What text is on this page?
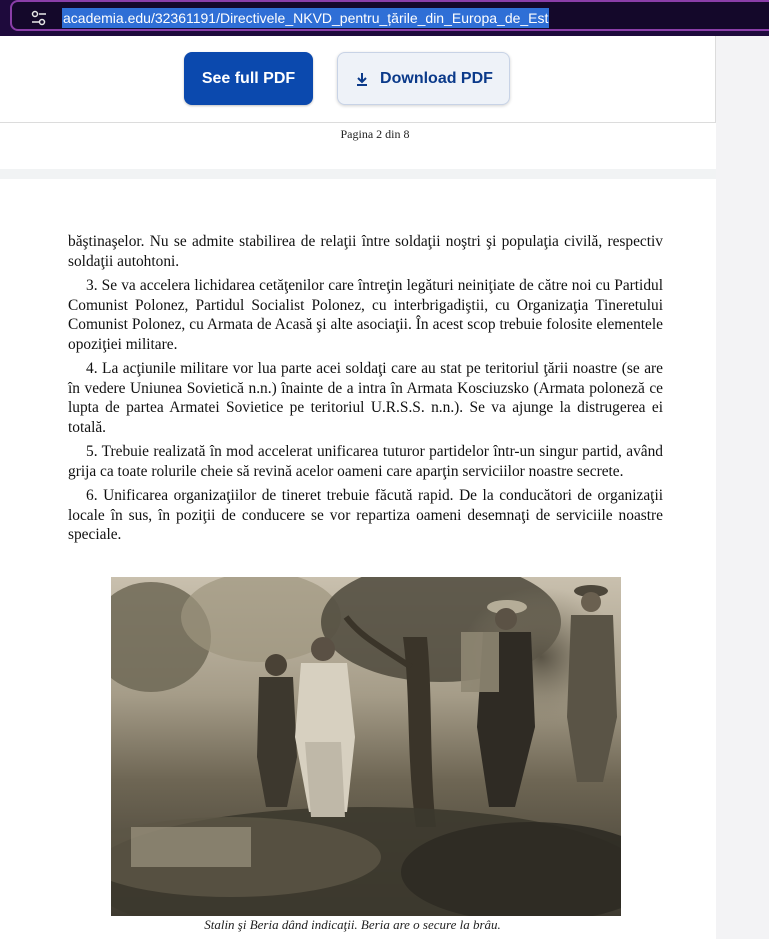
academia.edu/32361191/Directivele_NKVD_pentru_țările_din_Europa_de_Est
See full PDF	Download PDF
Pagina 2 din 8

băştinaşelor. Nu se admite stabilirea de relaţii între soldaţii noştri şi populaţia civilă, respectiv soldaţii autohtoni.

3. Se va accelera lichidarea cetăţenilor care întreţin legături neiniţiate de către noi cu Partidul Comunist Polonez, Partidul Socialist Polonez, cu interbrigadiştii, cu Organizaţia Tineretului Comunist Polonez, cu Armata de Acasă şi alte asociaţii. În acest scop trebuie folosite elementele opoziţiei militare.

4. La acţiunile militare vor lua parte acei soldaţi care au stat pe teritoriul ţării noastre (se are în vedere Uniunea Sovietică n.n.) înainte de a intra în Armata Kosciuzsko (Armata poloneză ce lupta de partea Armatei Sovietice pe teritoriul U.R.S.S. n.n.). Se va ajunge la distrugerea ei totală.

5. Trebuie realizată în mod accelerat unificarea tuturor partidelor într-un singur partid, având grija ca toate rolurile cheie să revină acelor oameni care aparţin serviciilor noastre secrete.

6. Unificarea organizaţiilor de tineret trebuie făcută rapid. De la conducători de organizaţii locale în sus, în poziţii de conducere se vor repartiza oameni desemnaţi de serviciile noastre speciale.

Stalin şi Beria dând indicaţii. Beria are o secure la brâu.
